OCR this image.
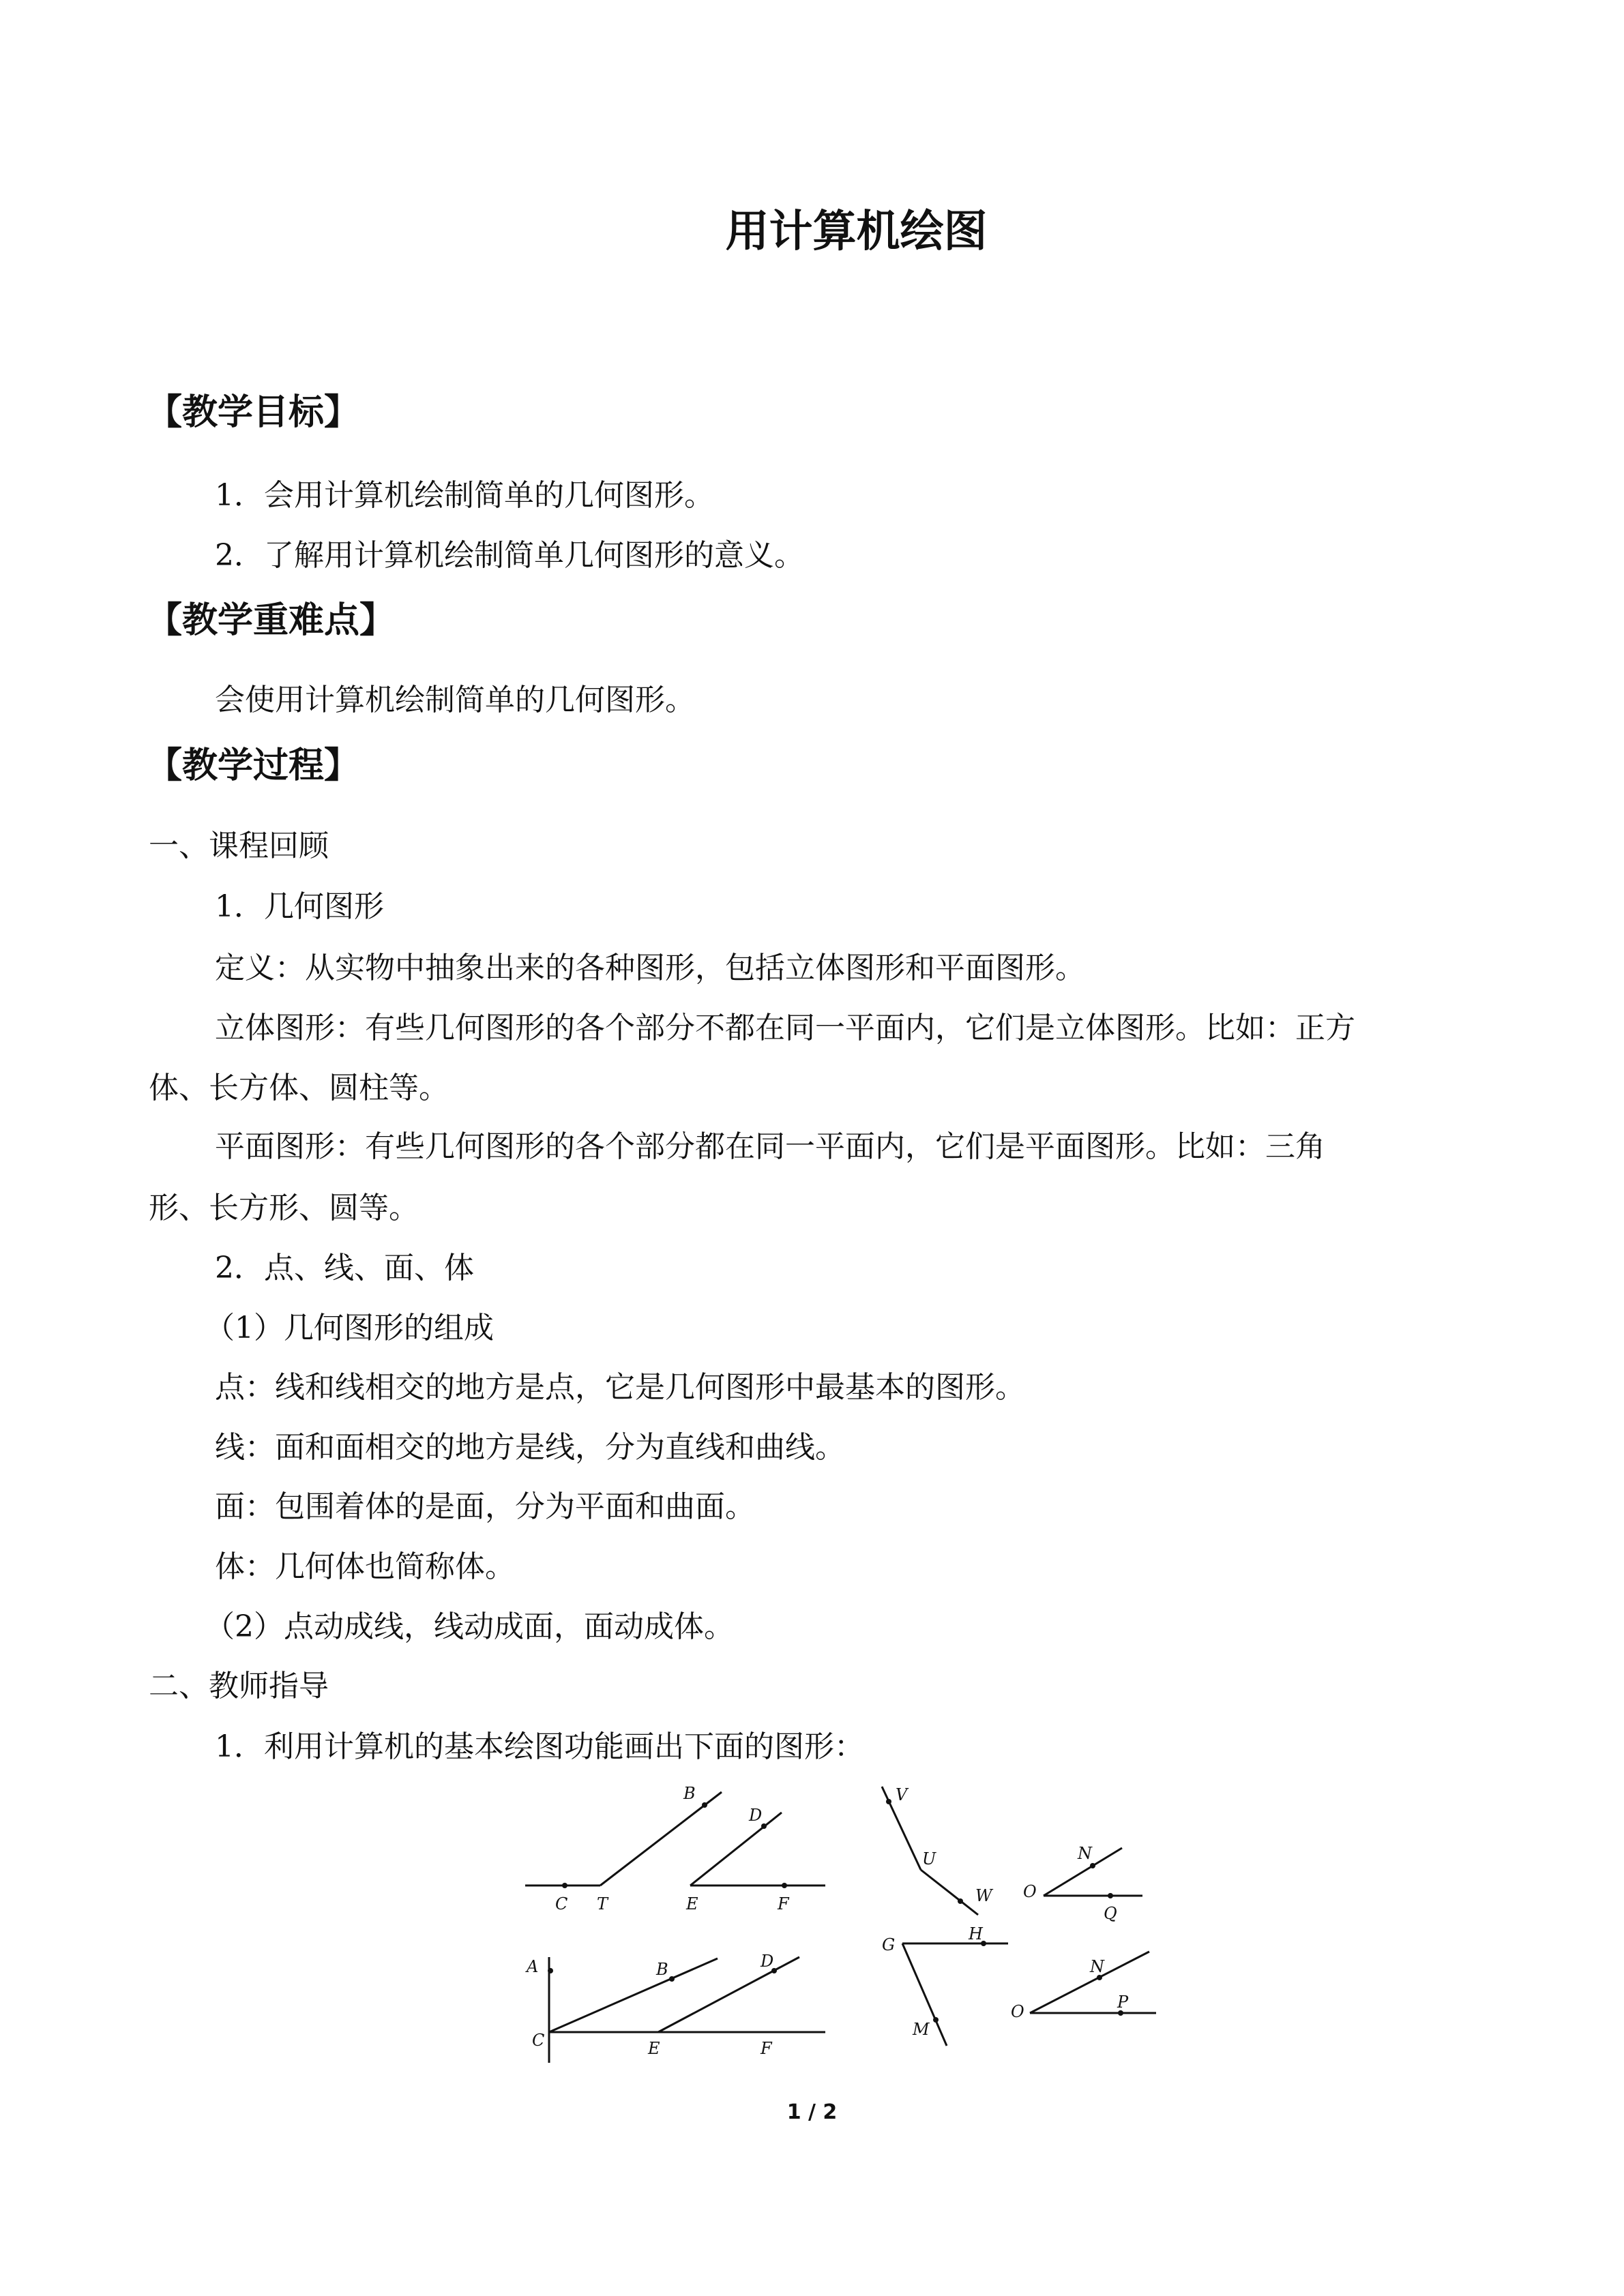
用计算机绘图
【教学目标】
1．会用计算机绘制简单的几何图形。
2．了解用计算机绘制简单几何图形的意义。
【教学重难点】
会使用计算机绘制简单的几何图形。
【教学过程】
一、课程回顾
1．几何图形
定义：从实物中抽象出来的各种图形，包括立体图形和平面图形。
立体图形：有些几何图形的各个部分不都在同一平面内，它们是立体图形。比如：正方
体、长方体、圆柱等。
平面图形：有些几何图形的各个部分都在同一平面内，它们是平面图形。比如：三角
形、长方形、圆等。
2．点、线、面、体
（1）几何图形的组成
点：线和线相交的地方是点，它是几何图形中最基本的图形。
线：面和面相交的地方是线，分为直线和曲线。
面：包围着体的是面，分为平面和曲面。
体：几何体也简称体。
（2）点动成线，线动成面，面动成体。
二、教师指导
1．利用计算机的基本绘图功能画出下面的图形：
B
C T
D
E	F
V
U
W
N
O
Q
A	B	D
C	E	F
G
H
M
N
O	P
1 / 2
